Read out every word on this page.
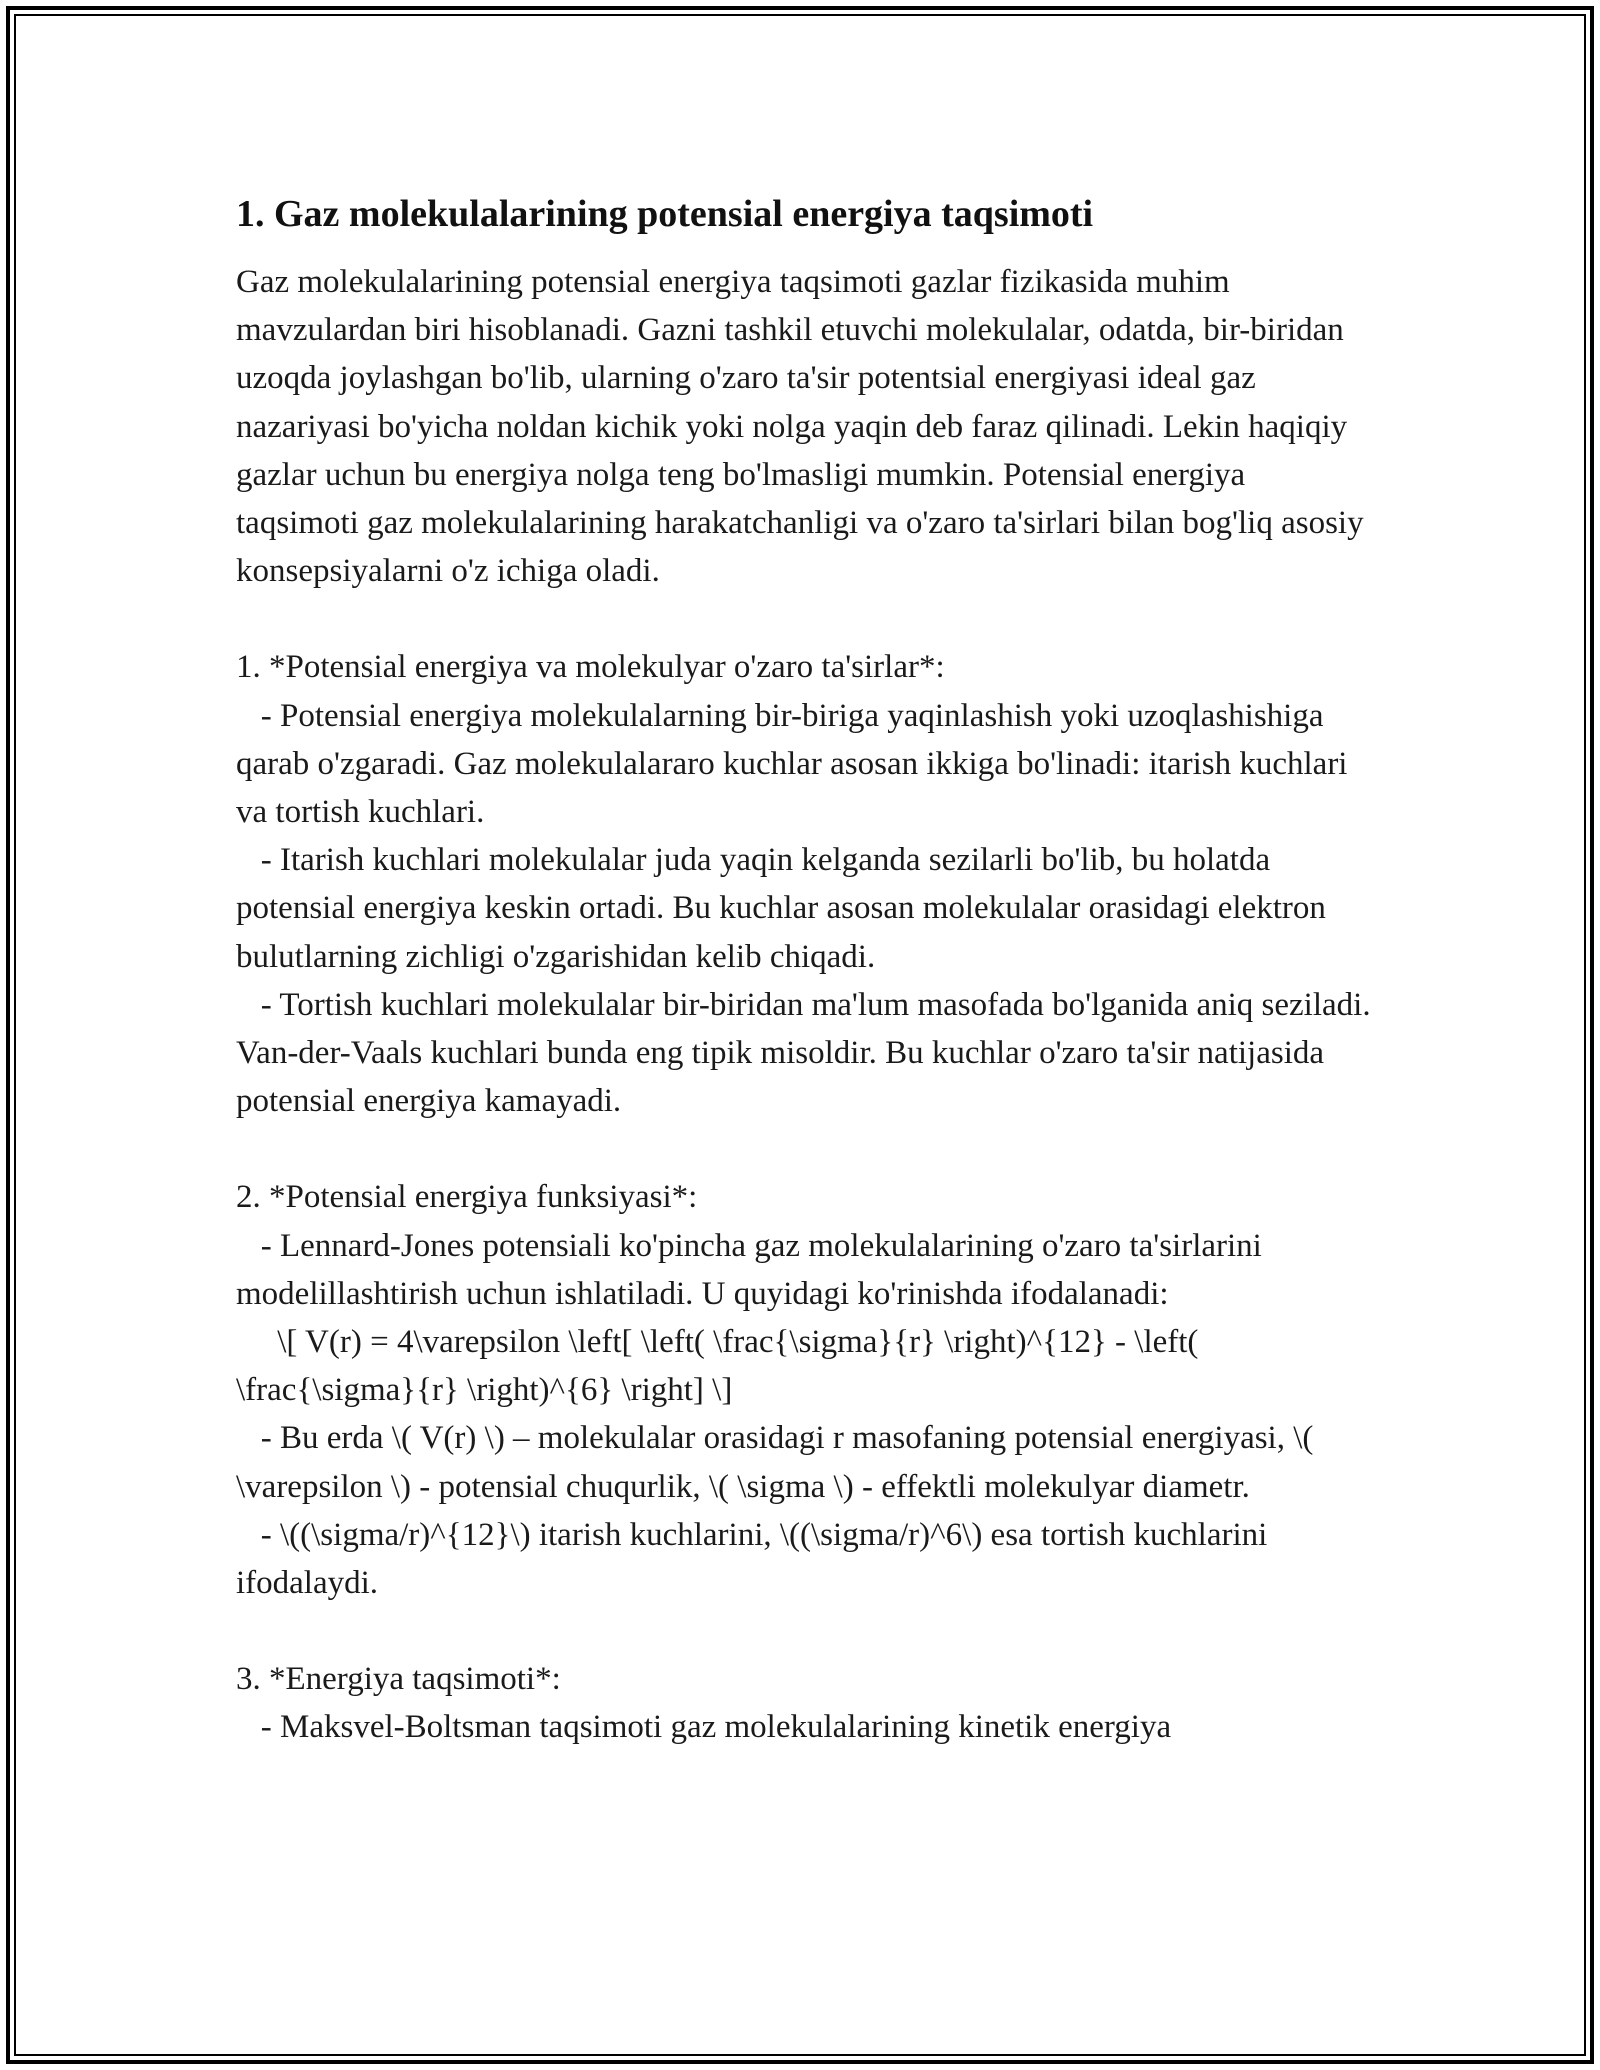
1. Gaz molekulalarining potensial energiya taqsimoti

Gaz molekulalarining potensial energiya taqsimoti gazlar fizikasida muhim mavzulardan biri hisoblanadi. Gazni tashkil etuvchi molekulalar, odatda, bir-biridan uzoqda joylashgan bo'lib, ularning o'zaro ta'sir potentsial energiyasi ideal gaz nazariyasi bo'yicha noldan kichik yoki nolga yaqin deb faraz qilinadi. Lekin haqiqiy gazlar uchun bu energiya nolga teng bo'lmasligi mumkin. Potensial energiya taqsimoti gaz molekulalarining harakatchanligi va o'zaro ta'sirlari bilan bog'liq asosiy konsepsiyalarni o'z ichiga oladi.

1. *Potensial energiya va molekulyar o'zaro ta'sirlar*:

- Potensial energiya molekulalarning bir-biriga yaqinlashish yoki uzoqlashishiga qarab o'zgaradi. Gaz molekulalararo kuchlar asosan ikkiga bo'linadi: itarish kuchlari va tortish kuchlari.

- Itarish kuchlari molekulalar juda yaqin kelganda sezilarli bo'lib, bu holatda potensial energiya keskin ortadi. Bu kuchlar asosan molekulalar orasidagi elektron bulutlarning zichligi o'zgarishidan kelib chiqadi.

- Tortish kuchlari molekulalar bir-biridan ma'lum masofada bo'lganida aniq seziladi. Van-der-Vaals kuchlari bunda eng tipik misoldir. Bu kuchlar o'zaro ta'sir natijasida potensial energiya kamayadi.

2. *Potensial energiya funksiyasi*:

- Lennard-Jones potensiali ko'pincha gaz molekulalarining o'zaro ta'sirlarini modelillashtirish uchun ishlatiladi. U quyidagi ko'rinishda ifodalanadi:

\[ V(r) = 4\varepsilon \left[ \left( \frac{\sigma}{r} \right)^{12} - \left( \frac{\sigma}{r} \right)^{6} \right] \]

- Bu erda \( V(r) \) – molekulalar orasidagi r masofaning potensial energiyasi, \( \varepsilon \) - potensial chuqurlik, \( \sigma \) - effektli molekulyar diametr.

- \((\sigma/r)^{12}\) itarish kuchlarini, \((\sigma/r)^6\) esa tortish kuchlarini ifodalaydi.

3. *Energiya taqsimoti*:

- Maksvel-Boltsman taqsimoti gaz molekulalarining kinetik energiya
